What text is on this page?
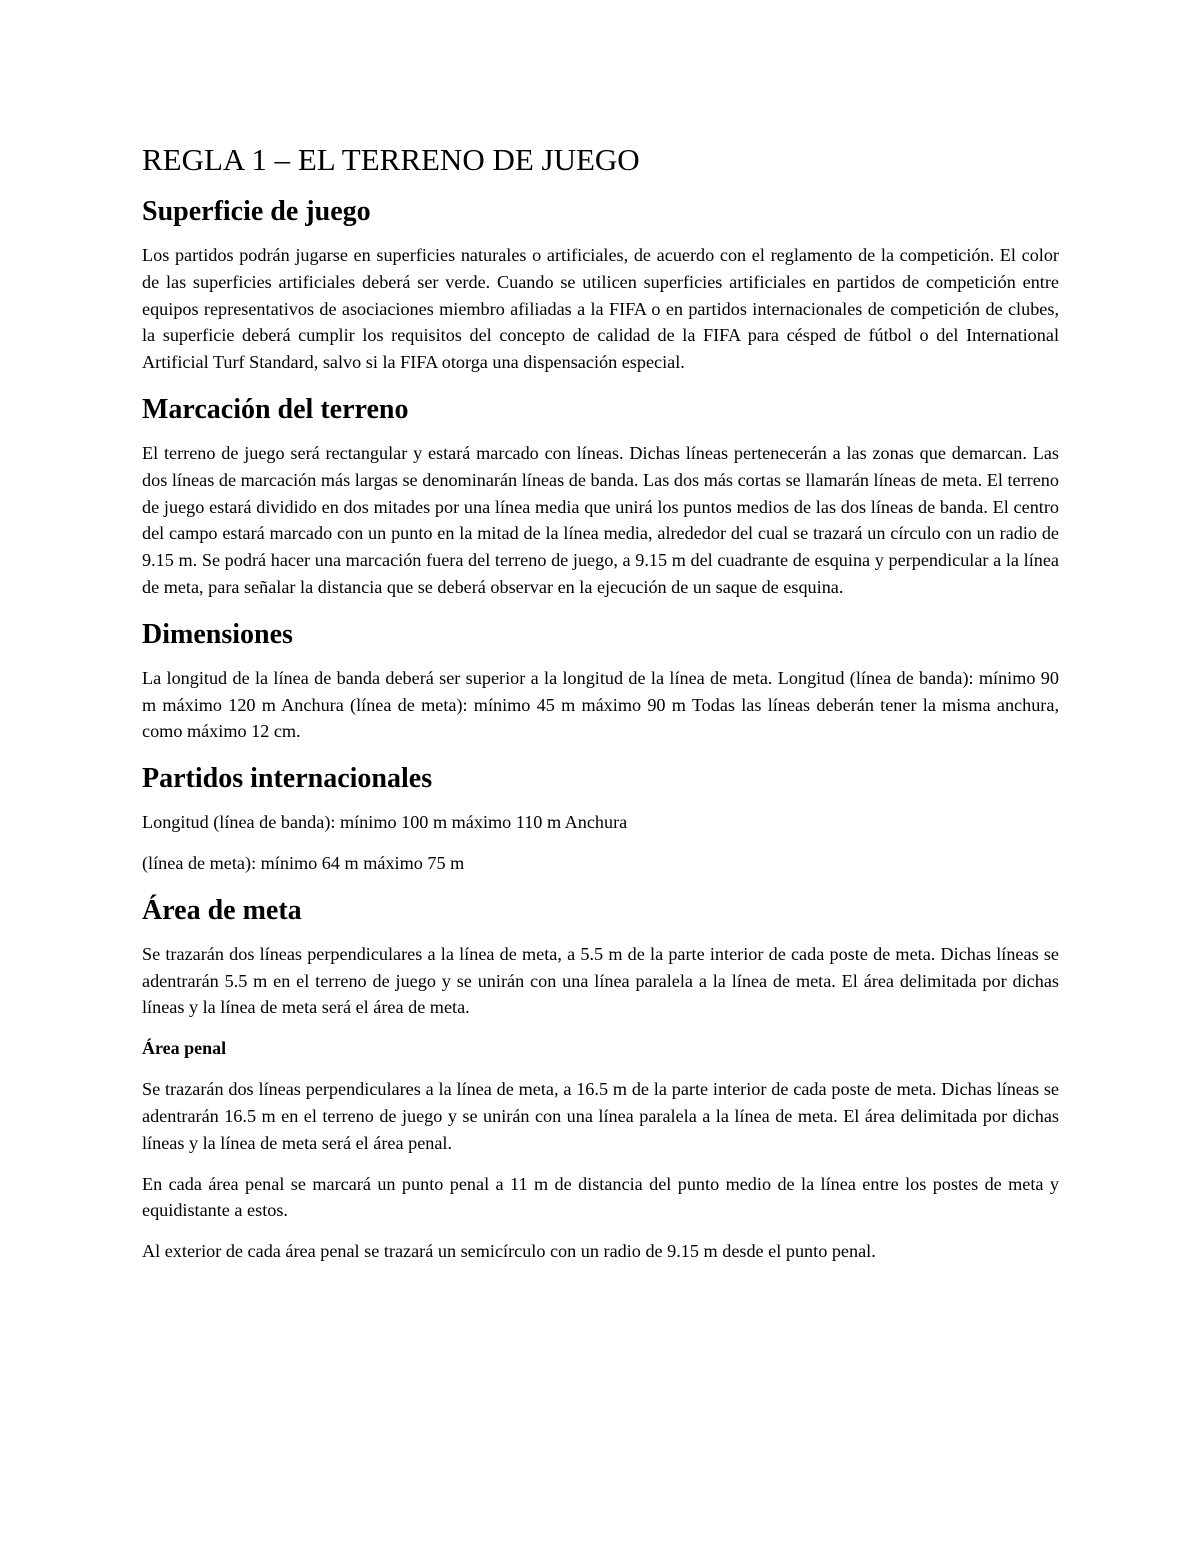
REGLA 1 – EL TERRENO DE JUEGO
Superficie de juego

Los partidos podrán jugarse en superficies naturales o artificiales, de acuerdo con el reglamento de la competición. El color de las superficies artificiales deberá ser verde. Cuando se utilicen superficies artificiales en partidos de competición entre equipos representativos de asociaciones miembro afiliadas a la FIFA o en partidos internacionales de competición de clubes, la superficie deberá cumplir los requisitos del concepto de calidad de la FIFA para césped de fútbol o del International Artificial Turf Standard, salvo si la FIFA otorga una dispensación especial.

Marcación del terreno

El terreno de juego será rectangular y estará marcado con líneas. Dichas líneas pertenecerán a las zonas que demarcan. Las dos líneas de marcación más largas se denominarán líneas de banda. Las dos más cortas se llamarán líneas de meta. El terreno de juego estará dividido en dos mitades por una línea media que unirá los puntos medios de las dos líneas de banda. El centro del campo estará marcado con un punto en la mitad de la línea media, alrededor del cual se trazará un círculo con un radio de 9.15 m. Se podrá hacer una marcación fuera del terreno de juego, a 9.15 m del cuadrante de esquina y perpendicular a la línea de meta, para señalar la distancia que se deberá observar en la ejecución de un saque de esquina.

Dimensiones

La longitud de la línea de banda deberá ser superior a la longitud de la línea de meta. Longitud (línea de banda): mínimo 90 m máximo 120 m Anchura (línea de meta): mínimo 45 m máximo 90 m Todas las líneas deberán tener la misma anchura, como máximo 12 cm.

Partidos internacionales

Longitud (línea de banda): mínimo 100 m máximo 110 m Anchura

(línea de meta): mínimo 64 m máximo 75 m

Área de meta

Se trazarán dos líneas perpendiculares a la línea de meta, a 5.5 m de la parte interior de cada poste de meta. Dichas líneas se adentrarán 5.5 m en el terreno de juego y se unirán con una línea paralela a la línea de meta. El área delimitada por dichas líneas y la línea de meta será el área de meta.

Área penal

Se trazarán dos líneas perpendiculares a la línea de meta, a 16.5 m de la parte interior de cada poste de meta. Dichas líneas se adentrarán 16.5 m en el terreno de juego y se unirán con una línea paralela a la línea de meta. El área delimitada por dichas líneas y la línea de meta será el área penal.

En cada área penal se marcará un punto penal a 11 m de distancia del punto medio de la línea entre los postes de meta y equidistante a estos.

Al exterior de cada área penal se trazará un semicírculo con un radio de 9.15 m desde el punto penal.
